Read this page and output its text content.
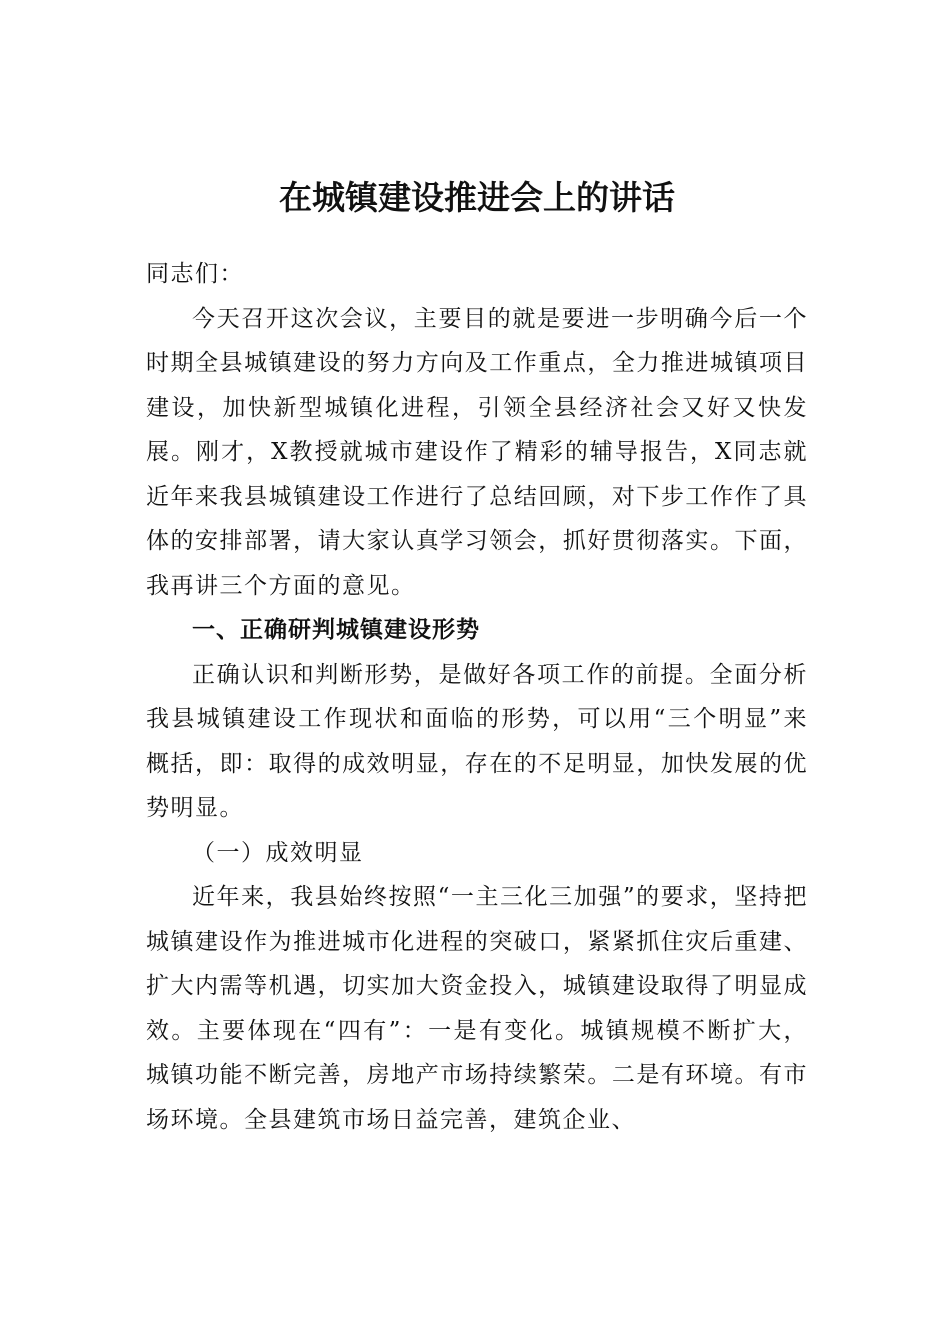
在城镇建设推进会上的讲话

同志们：

今天召开这次会议，主要目的就是要进一步明确今后一个时期全县城镇建设的努力方向及工作重点，全力推进城镇项目建设，加快新型城镇化进程，引领全县经济社会又好又快发展。刚才，X教授就城市建设作了精彩的辅导报告，X同志就近年来我县城镇建设工作进行了总结回顾，对下步工作作了具体的安排部署，请大家认真学习领会，抓好贯彻落实。下面，我再讲三个方面的意见。

一、正确研判城镇建设形势

正确认识和判断形势，是做好各项工作的前提。全面分析我县城镇建设工作现状和面临的形势，可以用“三个明显”来概括，即：取得的成效明显，存在的不足明显，加快发展的优势明显。

（一）成效明显

近年来，我县始终按照“一主三化三加强”的要求，坚持把城镇建设作为推进城市化进程的突破口，紧紧抓住灾后重建、扩大内需等机遇，切实加大资金投入，城镇建设取得了明显成效。主要体现在“四有”：一是有变化。城镇规模不断扩大，城镇功能不断完善，房地产市场持续繁荣。二是有环境。有市场环境。全县建筑市场日益完善，建筑企业、
